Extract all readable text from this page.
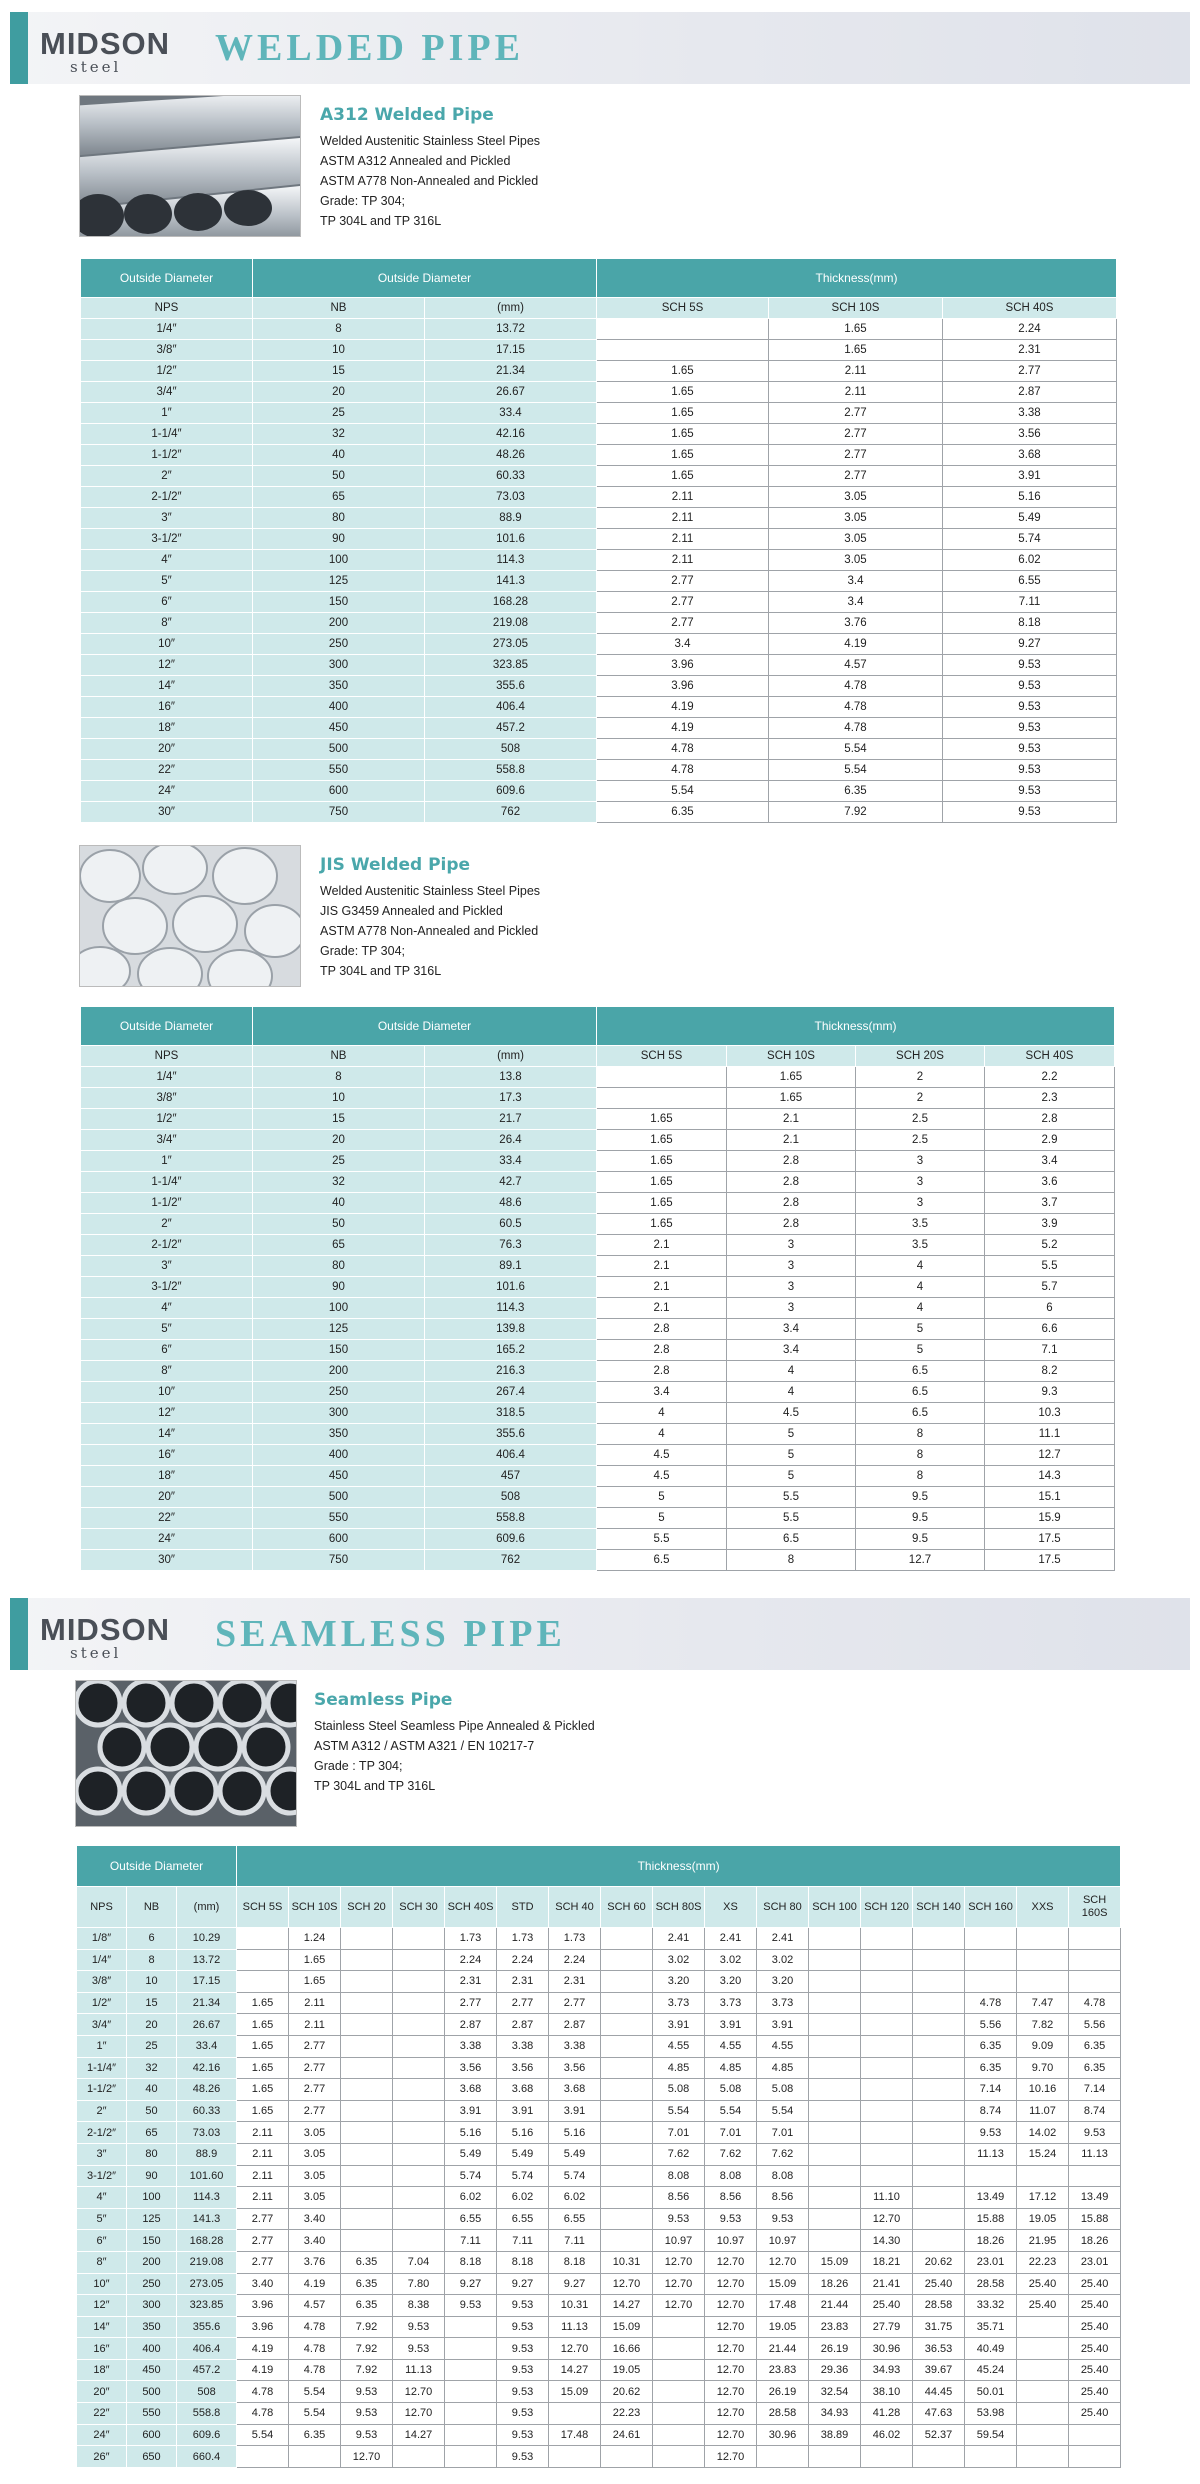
MIDSON
steel WELDED PIPE
A312 Welded Pipe
Welded Austenitic Stainless Steel Pipes
ASTM A312 Annealed and Pickled
ASTM A778 Non-Annealed and Pickled
Grade: TP 304;
TP 304L and TP 316L
Outside Diameter	Outside Diameter		Thickness(mm)		
NPS	NB	(mm)	SCH 5S	SCH 10S	SCH 40S
1/4″	8	13.72		1.65	2.24
3/8″	10	17.15		1.65	2.31
1/2″	15	21.34	1.65	2.11	2.77
3/4″	20	26.67	1.65	2.11	2.87
1″	25	33.4	1.65	2.77	3.38
1-1/4″	32	42.16	1.65	2.77	3.56
1-1/2″	40	48.26	1.65	2.77	3.68
2″	50	60.33	1.65	2.77	3.91
2-1/2″	65	73.03	2.11	3.05	5.16
3″	80	88.9	2.11	3.05	5.49
3-1/2″	90	101.6	2.11	3.05	5.74
4″	100	114.3	2.11	3.05	6.02
5″	125	141.3	2.77	3.4	6.55
6″	150	168.28	2.77	3.4	7.11
8″	200	219.08	2.77	3.76	8.18
10″	250	273.05	3.4	4.19	9.27
12″	300	323.85	3.96	4.57	9.53
14″	350	355.6	3.96	4.78	9.53
16″	400	406.4	4.19	4.78	9.53
18″	450	457.2	4.19	4.78	9.53
20″	500	508	4.78	5.54	9.53
22″	550	558.8	4.78	5.54	9.53
24″	600	609.6	5.54	6.35	9.53
30″	750	762	6.35	7.92	9.53
JIS Welded Pipe
Welded Austenitic Stainless Steel Pipes
JIS G3459 Annealed and Pickled
ASTM A778 Non-Annealed and Pickled
Grade: TP 304;
TP 304L and TP 316L
Outside Diameter	Outside Diameter		Thickness(mm)			
NPS	NB	(mm)	SCH 5S	SCH 10S	SCH 20S	SCH 40S
1/4″	8	13.8		1.65	2	2.2
3/8″	10	17.3		1.65	2	2.3
1/2″	15	21.7	1.65	2.1	2.5	2.8
3/4″	20	26.4	1.65	2.1	2.5	2.9
1″	25	33.4	1.65	2.8	3	3.4
1-1/4″	32	42.7	1.65	2.8	3	3.6
1-1/2″	40	48.6	1.65	2.8	3	3.7
2″	50	60.5	1.65	2.8	3.5	3.9
2-1/2″	65	76.3	2.1	3	3.5	5.2
3″	80	89.1	2.1	3	4	5.5
3-1/2″	90	101.6	2.1	3	4	5.7
4″	100	114.3	2.1	3	4	6
5″	125	139.8	2.8	3.4	5	6.6
6″	150	165.2	2.8	3.4	5	7.1
8″	200	216.3	2.8	4	6.5	8.2
10″	250	267.4	3.4	4	6.5	9.3
12″	300	318.5	4	4.5	6.5	10.3
14″	350	355.6	4	5	8	11.1
16″	400	406.4	4.5	5	8	12.7
18″	450	457	4.5	5	8	14.3
20″	500	508	5	5.5	9.5	15.1
22″	550	558.8	5	5.5	9.5	15.9
24″	600	609.6	5.5	6.5	9.5	17.5
30″	750	762	6.5	8	12.7	17.5
MIDSON
steel SEAMLESS PIPE
Seamless Pipe
Stainless Steel Seamless Pipe Annealed & Pickled
ASTM A312 / ASTM A321 / EN 10217-7
Grade : TP 304;
TP 304L and TP 316L
Outside Diameter			Thickness(mm)																
NPS	NB	(mm)	SCH 5S	SCH 10S	SCH 20	SCH 30	SCH 40S	STD	SCH 40	SCH 60	SCH 80S	XS	SCH 80	SCH 100	SCH 120	SCH 140	SCH 160	XXS	SCH 160S
1/8″	6	10.29		1.24			1.73	1.73	1.73		2.41	2.41	2.41						
1/4″	8	13.72		1.65			2.24	2.24	2.24		3.02	3.02	3.02						
3/8″	10	17.15		1.65			2.31	2.31	2.31		3.20	3.20	3.20						
1/2″	15	21.34	1.65	2.11			2.77	2.77	2.77		3.73	3.73	3.73				4.78	7.47	4.78
3/4″	20	26.67	1.65	2.11			2.87	2.87	2.87		3.91	3.91	3.91				5.56	7.82	5.56
1″	25	33.4	1.65	2.77			3.38	3.38	3.38		4.55	4.55	4.55				6.35	9.09	6.35
1-1/4″	32	42.16	1.65	2.77			3.56	3.56	3.56		4.85	4.85	4.85				6.35	9.70	6.35
1-1/2″	40	48.26	1.65	2.77			3.68	3.68	3.68		5.08	5.08	5.08				7.14	10.16	7.14
2″	50	60.33	1.65	2.77			3.91	3.91	3.91		5.54	5.54	5.54				8.74	11.07	8.74
2-1/2″	65	73.03	2.11	3.05			5.16	5.16	5.16		7.01	7.01	7.01				9.53	14.02	9.53
3″	80	88.9	2.11	3.05			5.49	5.49	5.49		7.62	7.62	7.62				11.13	15.24	11.13
3-1/2″	90	101.60	2.11	3.05			5.74	5.74	5.74		8.08	8.08	8.08						
4″	100	114.3	2.11	3.05			6.02	6.02	6.02		8.56	8.56	8.56		11.10		13.49	17.12	13.49
5″	125	141.3	2.77	3.40			6.55	6.55	6.55		9.53	9.53	9.53		12.70		15.88	19.05	15.88
6″	150	168.28	2.77	3.40			7.11	7.11	7.11		10.97	10.97	10.97		14.30		18.26	21.95	18.26
8″	200	219.08	2.77	3.76	6.35	7.04	8.18	8.18	8.18	10.31	12.70	12.70	12.70	15.09	18.21	20.62	23.01	22.23	23.01
10″	250	273.05	3.40	4.19	6.35	7.80	9.27	9.27	9.27	12.70	12.70	12.70	15.09	18.26	21.41	25.40	28.58	25.40	25.40
12″	300	323.85	3.96	4.57	6.35	8.38	9.53	9.53	10.31	14.27	12.70	12.70	17.48	21.44	25.40	28.58	33.32	25.40	25.40
14″	350	355.6	3.96	4.78	7.92	9.53		9.53	11.13	15.09		12.70	19.05	23.83	27.79	31.75	35.71		25.40
16″	400	406.4	4.19	4.78	7.92	9.53		9.53	12.70	16.66		12.70	21.44	26.19	30.96	36.53	40.49		25.40
18″	450	457.2	4.19	4.78	7.92	11.13		9.53	14.27	19.05		12.70	23.83	29.36	34.93	39.67	45.24		25.40
20″	500	508	4.78	5.54	9.53	12.70		9.53	15.09	20.62		12.70	26.19	32.54	38.10	44.45	50.01		25.40
22″	550	558.8	4.78	5.54	9.53	12.70		9.53		22.23		12.70	28.58	34.93	41.28	47.63	53.98		25.40
24″	600	609.6	5.54	6.35	9.53	14.27		9.53	17.48	24.61		12.70	30.96	38.89	46.02	52.37	59.54		
26″	650	660.4			12.70			9.53				12.70							
